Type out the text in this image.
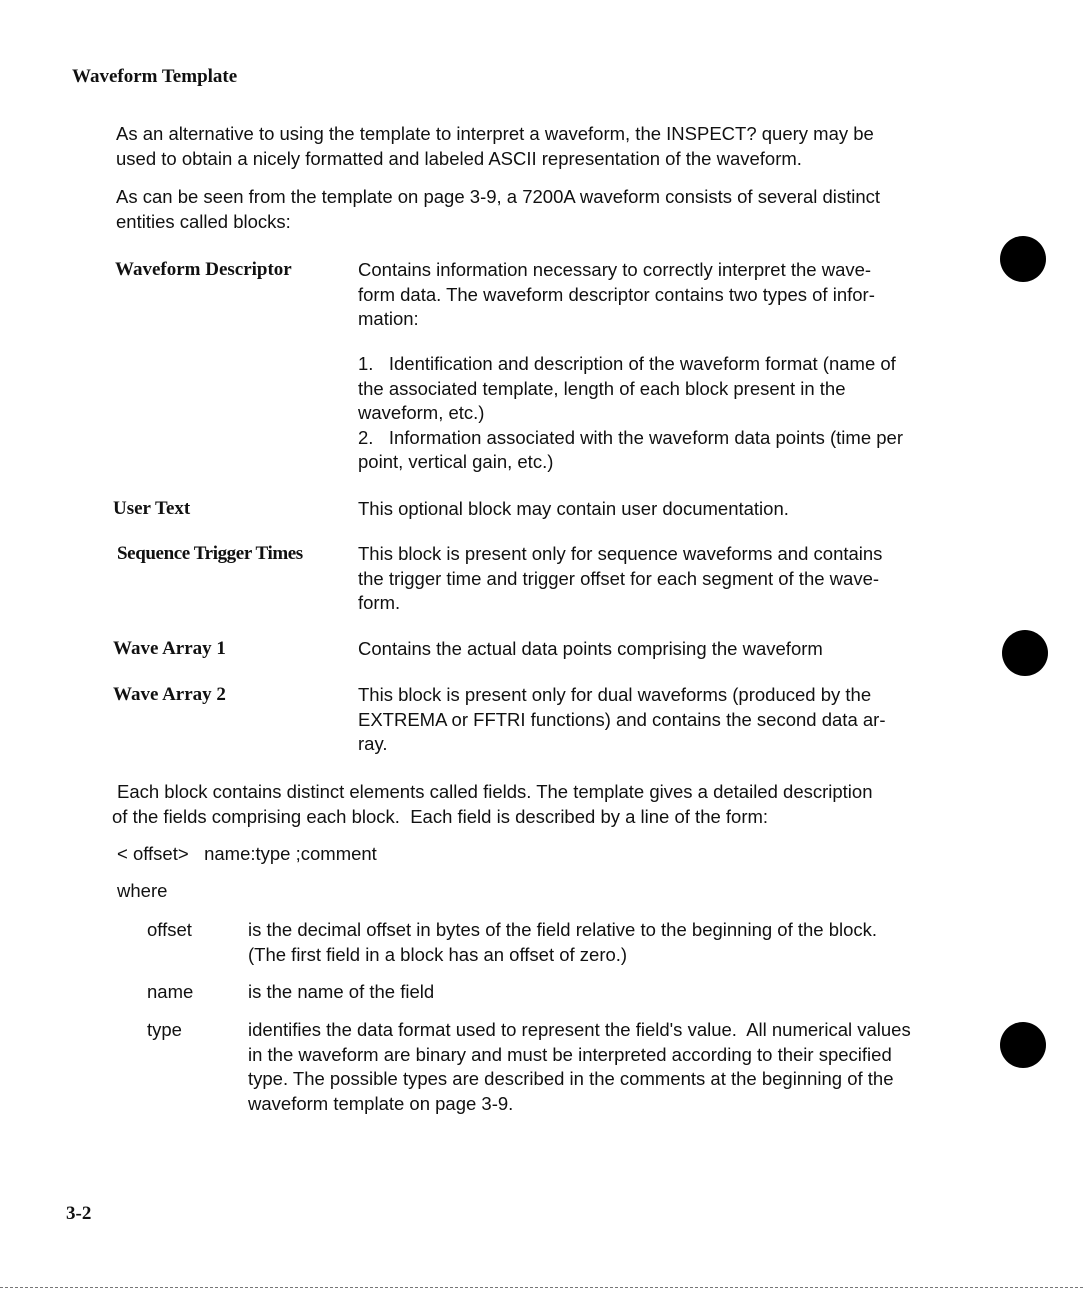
Waveform Template
As an alternative to using the template to interpret a waveform, the INSPECT? query may be
used to obtain a nicely formatted and labeled ASCII representation of the waveform.
As can be seen from the template on page 3-9, a 7200A waveform consists of several distinct
entities called blocks:
Waveform Descriptor	Contains information necessary to correctly interpret the wave-
form data. The waveform descriptor contains two types of infor-
mation:
1.   Identification and description of the waveform format (name of
the associated template, length of each block present in the
waveform, etc.)
2.   Information associated with the waveform data points (time per
point, vertical gain, etc.)
User Text	This optional block may contain user documentation.
Sequence Trigger Times	This block is present only for sequence waveforms and contains
the trigger time and trigger offset for each segment of the wave-
form.
Wave Array 1	Contains the actual data points comprising the waveform
Wave Array 2	This block is present only for dual waveforms (produced by the
EXTREMA or FFTRI functions) and contains the second data ar-
ray.
Each block contains distinct elements called fields. The template gives a detailed description
of the fields comprising each block.  Each field is described by a line of the form:
< offset>   name:type ;comment
where
offset	is the decimal offset in bytes of the field relative to the beginning of the block.
(The first field in a block has an offset of zero.)
name	is the name of the field
type	identifies the data format used to represent the field's value.  All numerical values
in the waveform are binary and must be interpreted according to their specified
type. The possible types are described in the comments at the beginning of the
waveform template on page 3-9.
3-2
